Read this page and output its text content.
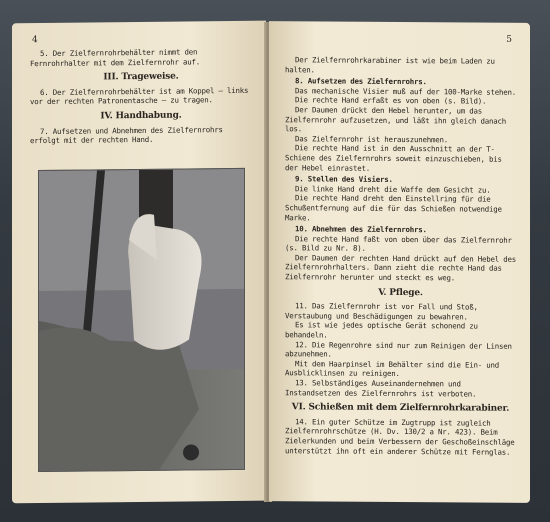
4

5. Der Zielfernrohrbehälter nimmt den Fernrohrhalter mit dem Zielfernrohr auf.

III. Trageweise.

6. Der Zielfernrohrbehälter ist am Koppel — links vor der rechten Patronentasche — zu tragen.

IV. Handhabung.

7. Aufsetzen und Abnehmen des Zielfernrohrs erfolgt mit der rechten Hand.

5

Der Zielfernrohrkarabiner ist wie beim Laden zu halten.

8. Aufsetzen des Zielfernrohrs.

Das mechanische Visier muß auf der 100-Marke stehen.

Die rechte Hand erfaßt es von oben (s. Bild).

Der Daumen drückt den Hebel herunter, um das Zielfernrohr aufzusetzen, und läßt ihn gleich danach los.

Das Zielfernrohr ist herauszunehmen.

Die rechte Hand ist in den Ausschnitt an der T-Schiene des Zielfernrohrs soweit einzuschieben, bis der Hebel einrastet.

9. Stellen des Visiers.

Die linke Hand dreht die Waffe dem Gesicht zu.

Die rechte Hand dreht den Einstellring für die Schußentfernung auf die für das Schießen notwendige Marke.

10. Abnehmen des Zielfernrohrs.

Die rechte Hand faßt von oben über das Zielfernrohr (s. Bild zu Nr. 8).

Der Daumen der rechten Hand drückt auf den Hebel des Zielfernrohrhalters. Dann zieht die rechte Hand das Zielfernrohr herunter und steckt es weg.

V. Pflege.

11. Das Zielfernrohr ist vor Fall und Stoß, Verstaubung und Beschädigungen zu bewahren.

Es ist wie jedes optische Gerät schonend zu behandeln.

12. Die Regenrohre sind nur zum Reinigen der Linsen abzunehmen.

Mit dem Haarpinsel im Behälter sind die Ein- und Ausblicklinsen zu reinigen.

13. Selbständiges Auseinandernehmen und Instandsetzen des Zielfernrohrs ist verboten.

VI. Schießen mit dem Zielfernrohrkarabiner.

14. Ein guter Schütze im Zugtrupp ist zugleich Zielfernrohrschütze (H. Dv. 130/2 a Nr. 423). Beim Zielerkunden und beim Verbessern der Geschoßeinschläge unterstützt ihn oft ein anderer Schütze mit Fernglas.
